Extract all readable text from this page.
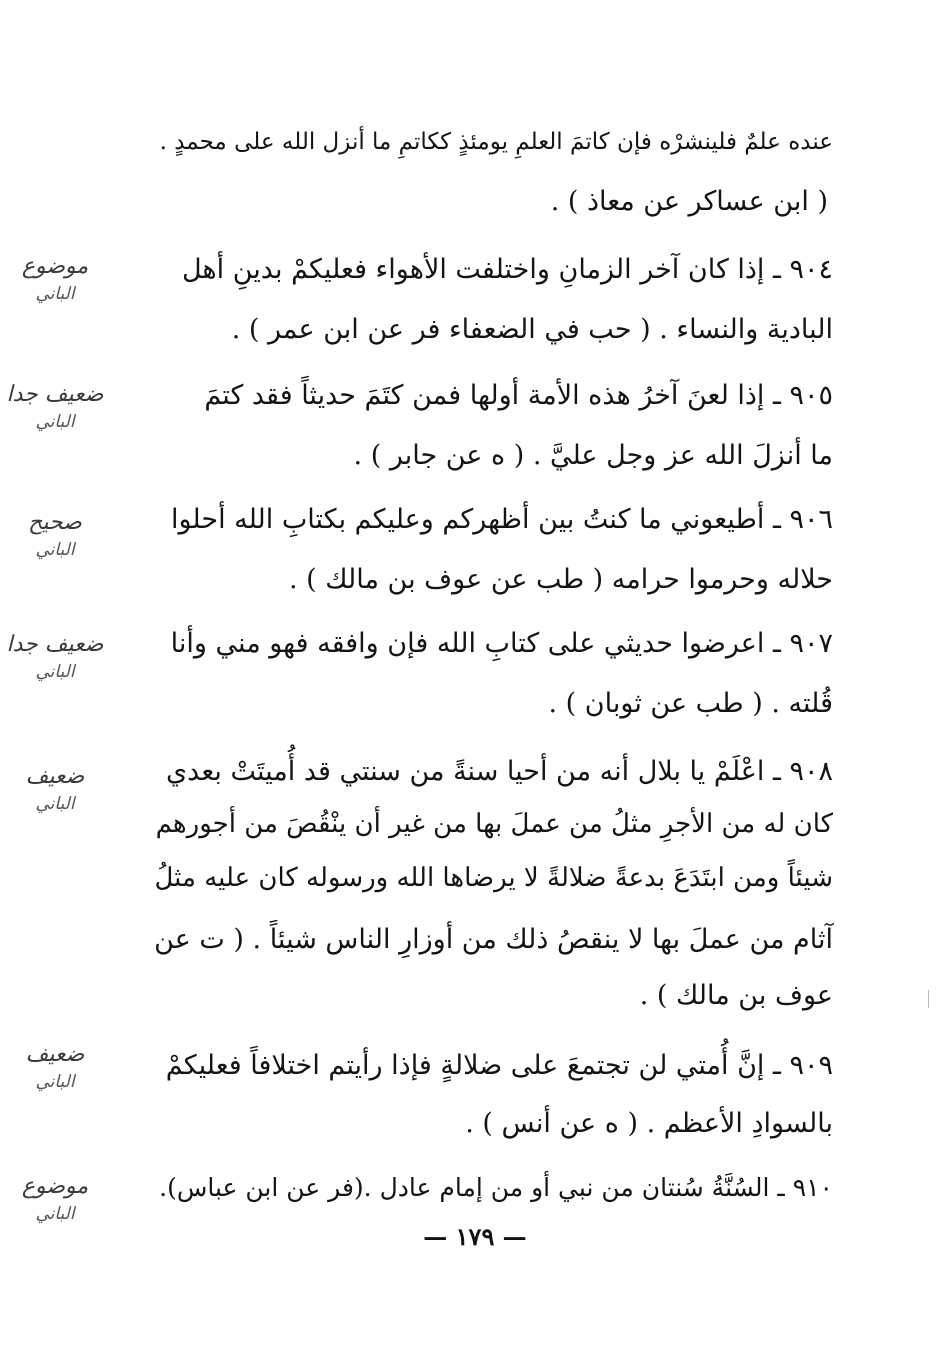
عنده علمٌ فلينشرْه فإن كاتمَ العلمِ يومئذٍ ككاتمِ ما أنزل الله على محمدٍ .
( ابن عساكر عن معاذ ) .
٩٠٤ ـ إذا كان آخر الزمانِ واختلفت الأهواء فعليكمْ بدينِ أهل
البادية والنساء . ( حب في الضعفاء فر عن ابن عمر ) .
موضوع
الباني
٩٠٥ ـ إذا لعنَ آخرُ هذه الأمة أولها فمن كتَمَ حديثاً فقد كتمَ
ما أنزلَ الله عز وجل عليَّ . ( ه عن جابر ) .
ضعيف جدا
الباني
٩٠٦ ـ أطيعوني ما كنتُ بين أظهركم وعليكم بكتابِ الله أحلوا
حلاله وحرموا حرامه ( طب عن عوف بن مالك ) .
صحيح
الباني
٩٠٧ ـ اعرضوا حديثي على كتابِ الله فإن وافقه فهو مني وأنا
قُلته . ( طب عن ثوبان ) .
ضعيف جدا
الباني
٩٠٨ ـ اعْلَمْ يا بلال أنه من أحيا سنةً من سنتي قد أُميتَتْ بعدي
كان له من الأجرِ مثلُ من عملَ بها من غير أن ينْقُصَ من أجورهم
شيئاً ومن ابتَدَعَ بدعةً ضلالةً لا يرضاها الله ورسوله كان عليه مثلُ
آثام من عملَ بها لا ينقصُ ذلك من أوزارِ الناس شيئاً . ( ت عن
عوف بن مالك ) .
ضعيف
الباني
٩٠٩ ـ إنَّ أُمتي لن تجتمعَ على ضلالةٍ فإذا رأيتم اختلافاً فعليكمْ
بالسوادِ الأعظم . ( ه عن أنس ) .
ضعيف
الباني
٩١٠ ـ السُنَّةُ سُنتان من نبي أو من إمام عادل .(فر عن ابن عباس).
موضوع
الباني
— ١٧٩ —
